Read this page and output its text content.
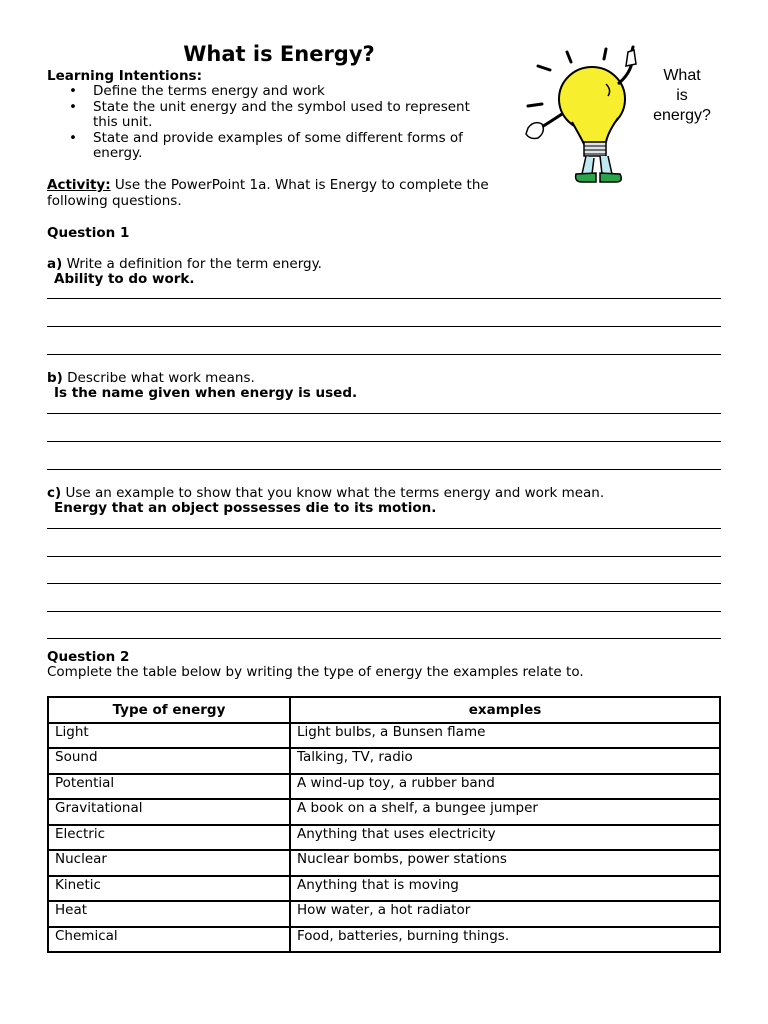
What is Energy?
Learning Intentions:
• Define the terms energy and work
• State the unit energy and the symbol used to represent this unit.
• State and provide examples of some different forms of energy.
What
is
energy?
Activity: Use the PowerPoint 1a. What is Energy to complete the following questions.
Question 1
a) Write a definition for the term energy.
Ability to do work.
b) Describe what work means.
Is the name given when energy is used.
c) Use an example to show that you know what the terms energy and work mean.
Energy that an object possesses die to its motion.
Question 2
Complete the table below by writing the type of energy the examples relate to.
Type of energy	examples
Light	Light bulbs, a Bunsen flame
Sound	Talking, TV, radio
Potential	A wind-up toy, a rubber band
Gravitational	A book on a shelf, a bungee jumper
Electric	Anything that uses electricity
Nuclear	Nuclear bombs, power stations
Kinetic	Anything that is moving
Heat	How water, a hot radiator
Chemical	Food, batteries, burning things.
